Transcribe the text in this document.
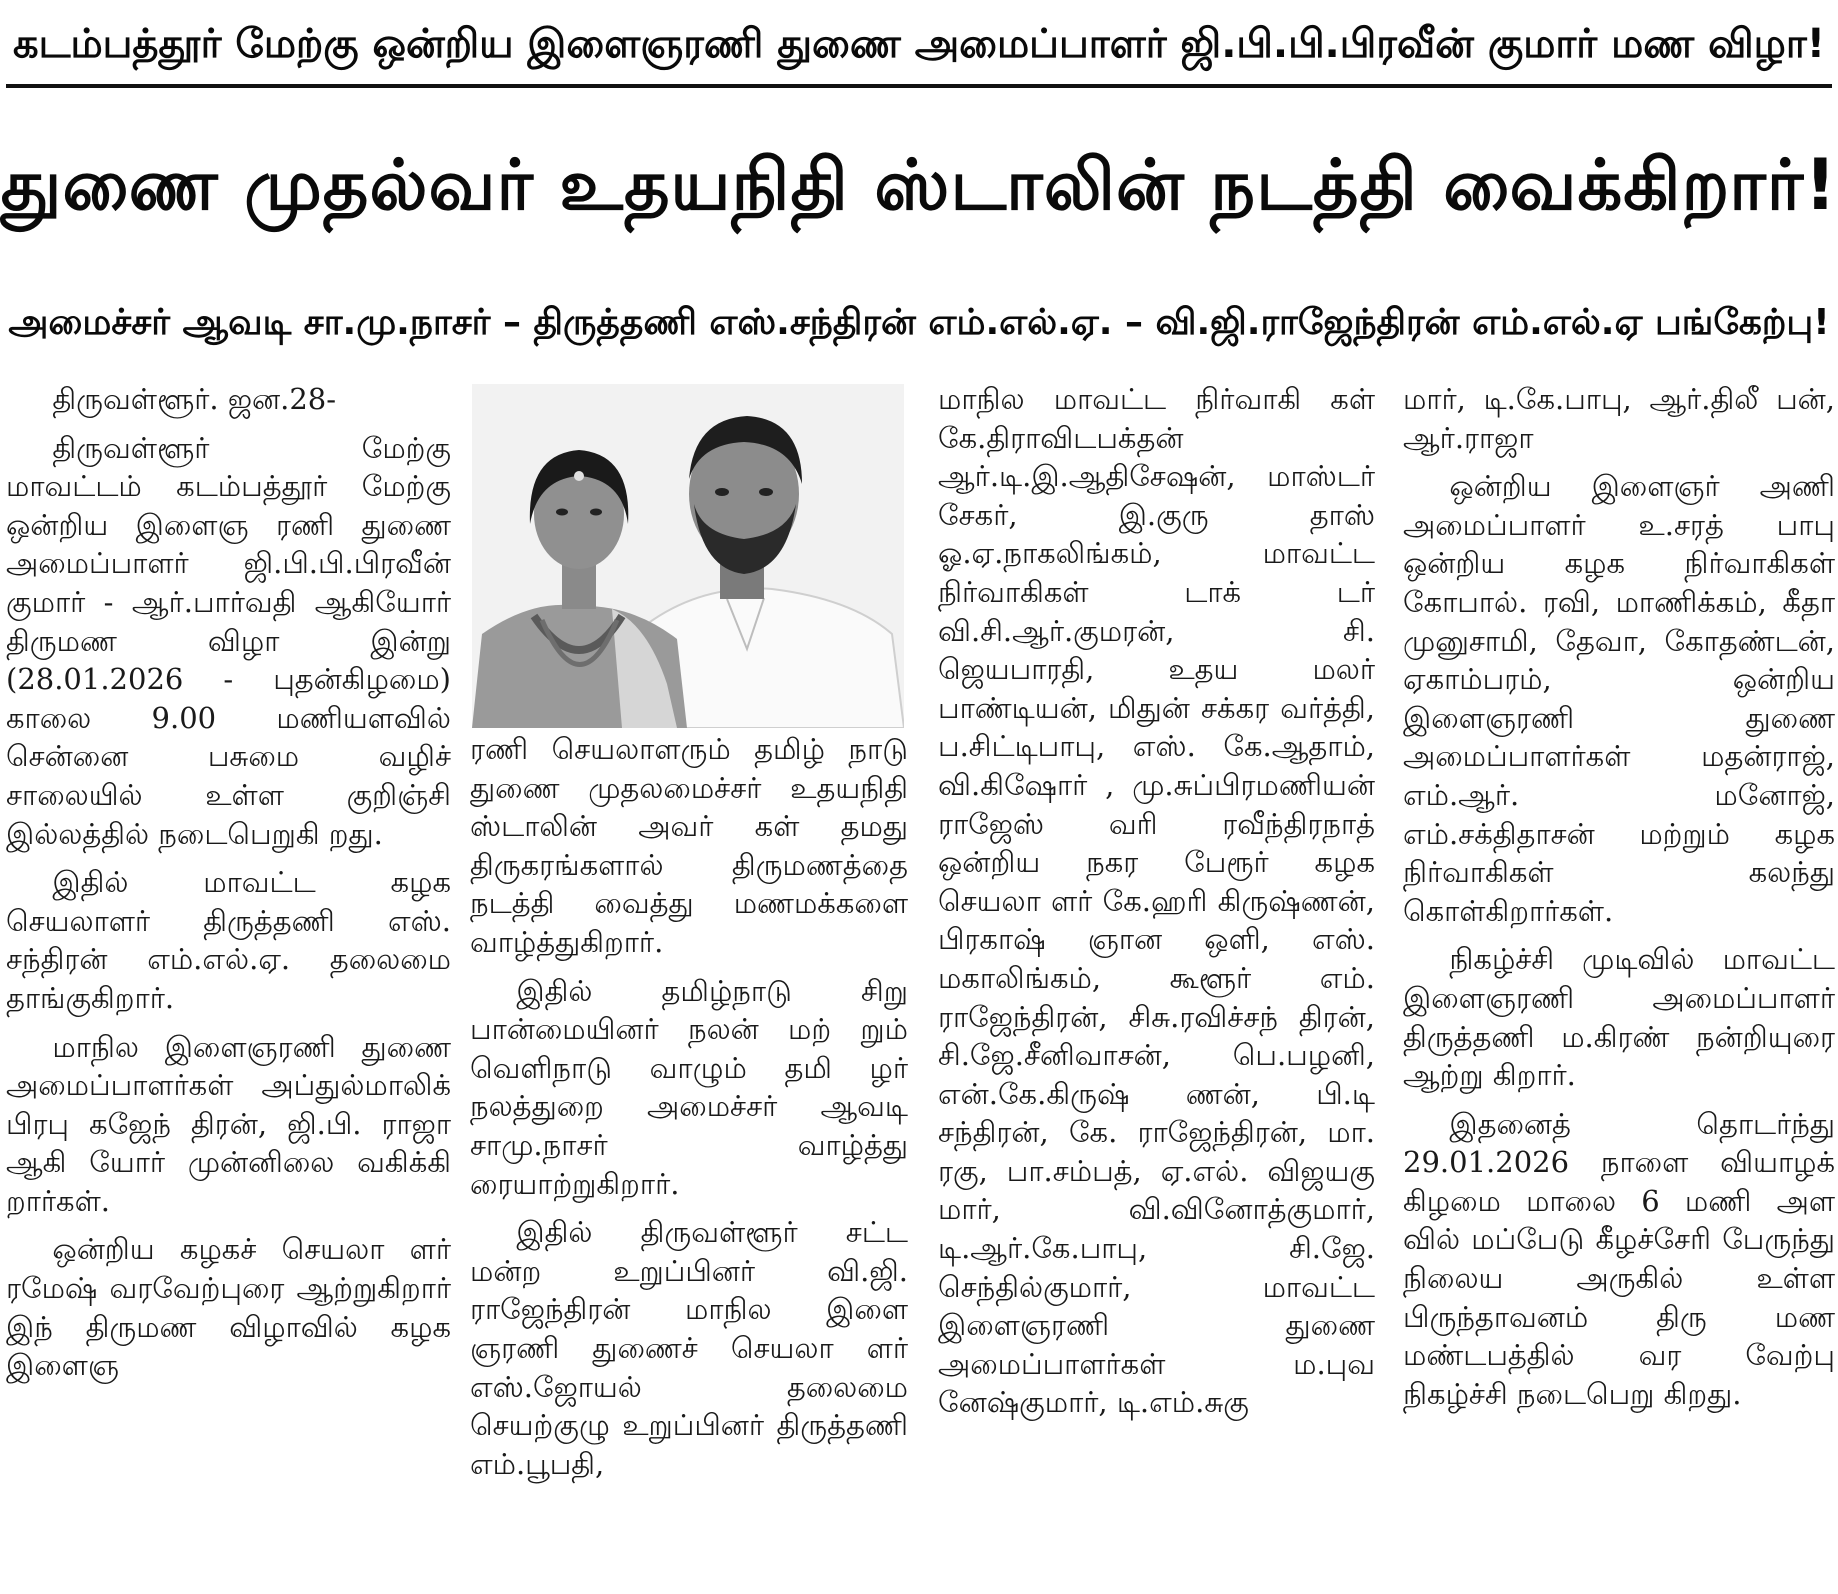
கடம்பத்தூர் மேற்கு ஒன்றிய இளைஞரணி துணை அமைப்பாளர் ஜி.பி.பி.பிரவீன் குமார் மண விழா!
துணை முதல்வர் உதயநிதி ஸ்டாலின் நடத்தி வைக்கிறார்!
அமைச்சர் ஆவடி சா.மு.நாசர் – திருத்தணி எஸ்.சந்திரன் எம்.எல்.ஏ. – வி.ஜி.ராஜேந்திரன் எம்.எல்.ஏ பங்கேற்பு!

திருவள்ளூர். ஜன.28-

திருவள்ளூர் மேற்கு மாவட்டம் கடம்பத்தூர் மேற்கு ஒன்றிய இளைஞ ரணி துணை அமைப்பாளர் ஜி.பி.பி.பிரவீன் குமார் - ஆர்.பார்வதி ஆகியோர் திருமண விழா இன்று (28.01.2026 - புதன்கிழமை) காலை 9.00 மணியளவில் சென்னை பசுமை வழிச் சாலையில் உள்ள குறிஞ்சி இல்லத்தில் நடைபெறுகி றது.

இதில் மாவட்ட கழக செயலாளர் திருத்தணி எஸ். சந்திரன் எம்.எல்.ஏ. தலைமை தாங்குகிறார்.

மாநில இளைஞரணி துணை அமைப்பாளர்கள் அப்துல்மாலிக் பிரபு கஜேந் திரன், ஜி.பி. ராஜா ஆகி யோர் முன்னிலை வகிக்கி றார்கள்.

ஒன்றிய கழகச் செயலா ளர் ரமேஷ் வரவேற்புரை ஆற்றுகிறார் இந் திருமண விழாவில் கழக இளைஞ

ரணி செயலாளரும் தமிழ் நாடு துணை முதலமைச்சர் உதயநிதி ஸ்டாலின் அவர் கள் தமது திருகரங்களால் திருமணத்தை நடத்தி வைத்து மணமக்களை வாழ்த்துகிறார்.

இதில் தமிழ்நாடு சிறு பான்மையினர் நலன் மற் றும் வெளிநாடு வாழும் தமி ழர் நலத்துறை அமைச்சர் ஆவடி சாமு.நாசர் வாழ்த்து ரையாற்றுகிறார்.

இதில் திருவள்ளூர் சட்ட மன்ற உறுப்பினர் வி.ஜி. ராஜேந்திரன் மாநில இளை ஞரணி துணைச் செயலா ளர் எஸ்.ஜோயல் தலைமை செயற்குழு உறுப்பினர் திருத்தணி எம்.பூபதி,

மாநில மாவட்ட நிர்வாகி கள் கே.திராவிடபக்தன் ஆர்.டி.இ.ஆதிசேஷன், மாஸ்டர் சேகர், இ.குரு தாஸ் ஓ.ஏ.நாகலிங்கம், மாவட்ட நிர்வாகிகள் டாக் டர் வி.சி.ஆர்.குமரன், சி. ஜெயபாரதி, உதய மலர் பாண்டியன், மிதுன் சக்கர வர்த்தி, ப.சிட்டிபாபு, எஸ். கே.ஆதாம், வி.கிஷோர் , மு.சுப்பிரமணியன் ராஜேஸ் வரி ரவீந்திரநாத் ஒன்றிய நகர பேரூர் கழக செயலா ளர் கே.ஹரி கிருஷ்ணன், பிரகாஷ் ஞான ஒளி, எஸ். மகாலிங்கம், கூளூர் எம். ராஜேந்திரன், சிசு.ரவிச்சந் திரன், சி.ஜே.சீனிவாசன், பெ.பழனி, என்.கே.கிருஷ் ணன், பி.டி சந்திரன், கே. ராஜேந்திரன், மா. ரகு, பா.சம்பத், ஏ.எல். விஜயகு மார், வி.வினோத்குமார், டி.ஆர்.கே.பாபு, சி.ஜே. செந்தில்குமார், மாவட்ட இளைஞரணி துணை அமைப்பாளர்கள் ம.புவ னேஷ்குமார், டி.எம்.சுகு

மார், டி.கே.பாபு, ஆர்.திலீ பன், ஆர்.ராஜா

ஒன்றிய இளைஞர் அணி அமைப்பாளர் உ.சரத் பாபு ஒன்றிய கழக நிர்வாகிகள் கோபால். ரவி, மாணிக்கம், கீதா முனுசாமி, தேவா, கோதண்டன், ஏகாம்பரம், ஒன்றிய இளைஞரணி துணை அமைப்பாளர்கள் மதன்ராஜ், எம்.ஆர். மனோஜ், எம்.சக்திதாசன் மற்றும் கழக நிர்வாகிகள் கலந்து கொள்கிறார்கள்.

நிகழ்ச்சி முடிவில் மாவட்ட இளைஞரணி அமைப்பாளர் திருத்தணி ம.கிரண் நன்றியுரை ஆற்று கிறார்.

இதனைத் தொடர்ந்து 29.01.2026 நாளை வியாழக் கிழமை மாலை 6 மணி அள வில் மப்பேடு கீழச்சேரி பேருந்து நிலைய அருகில் உள்ள பிருந்தாவனம் திரு மண மண்டபத்தில் வர வேற்பு நிகழ்ச்சி நடைபெறு கிறது.
